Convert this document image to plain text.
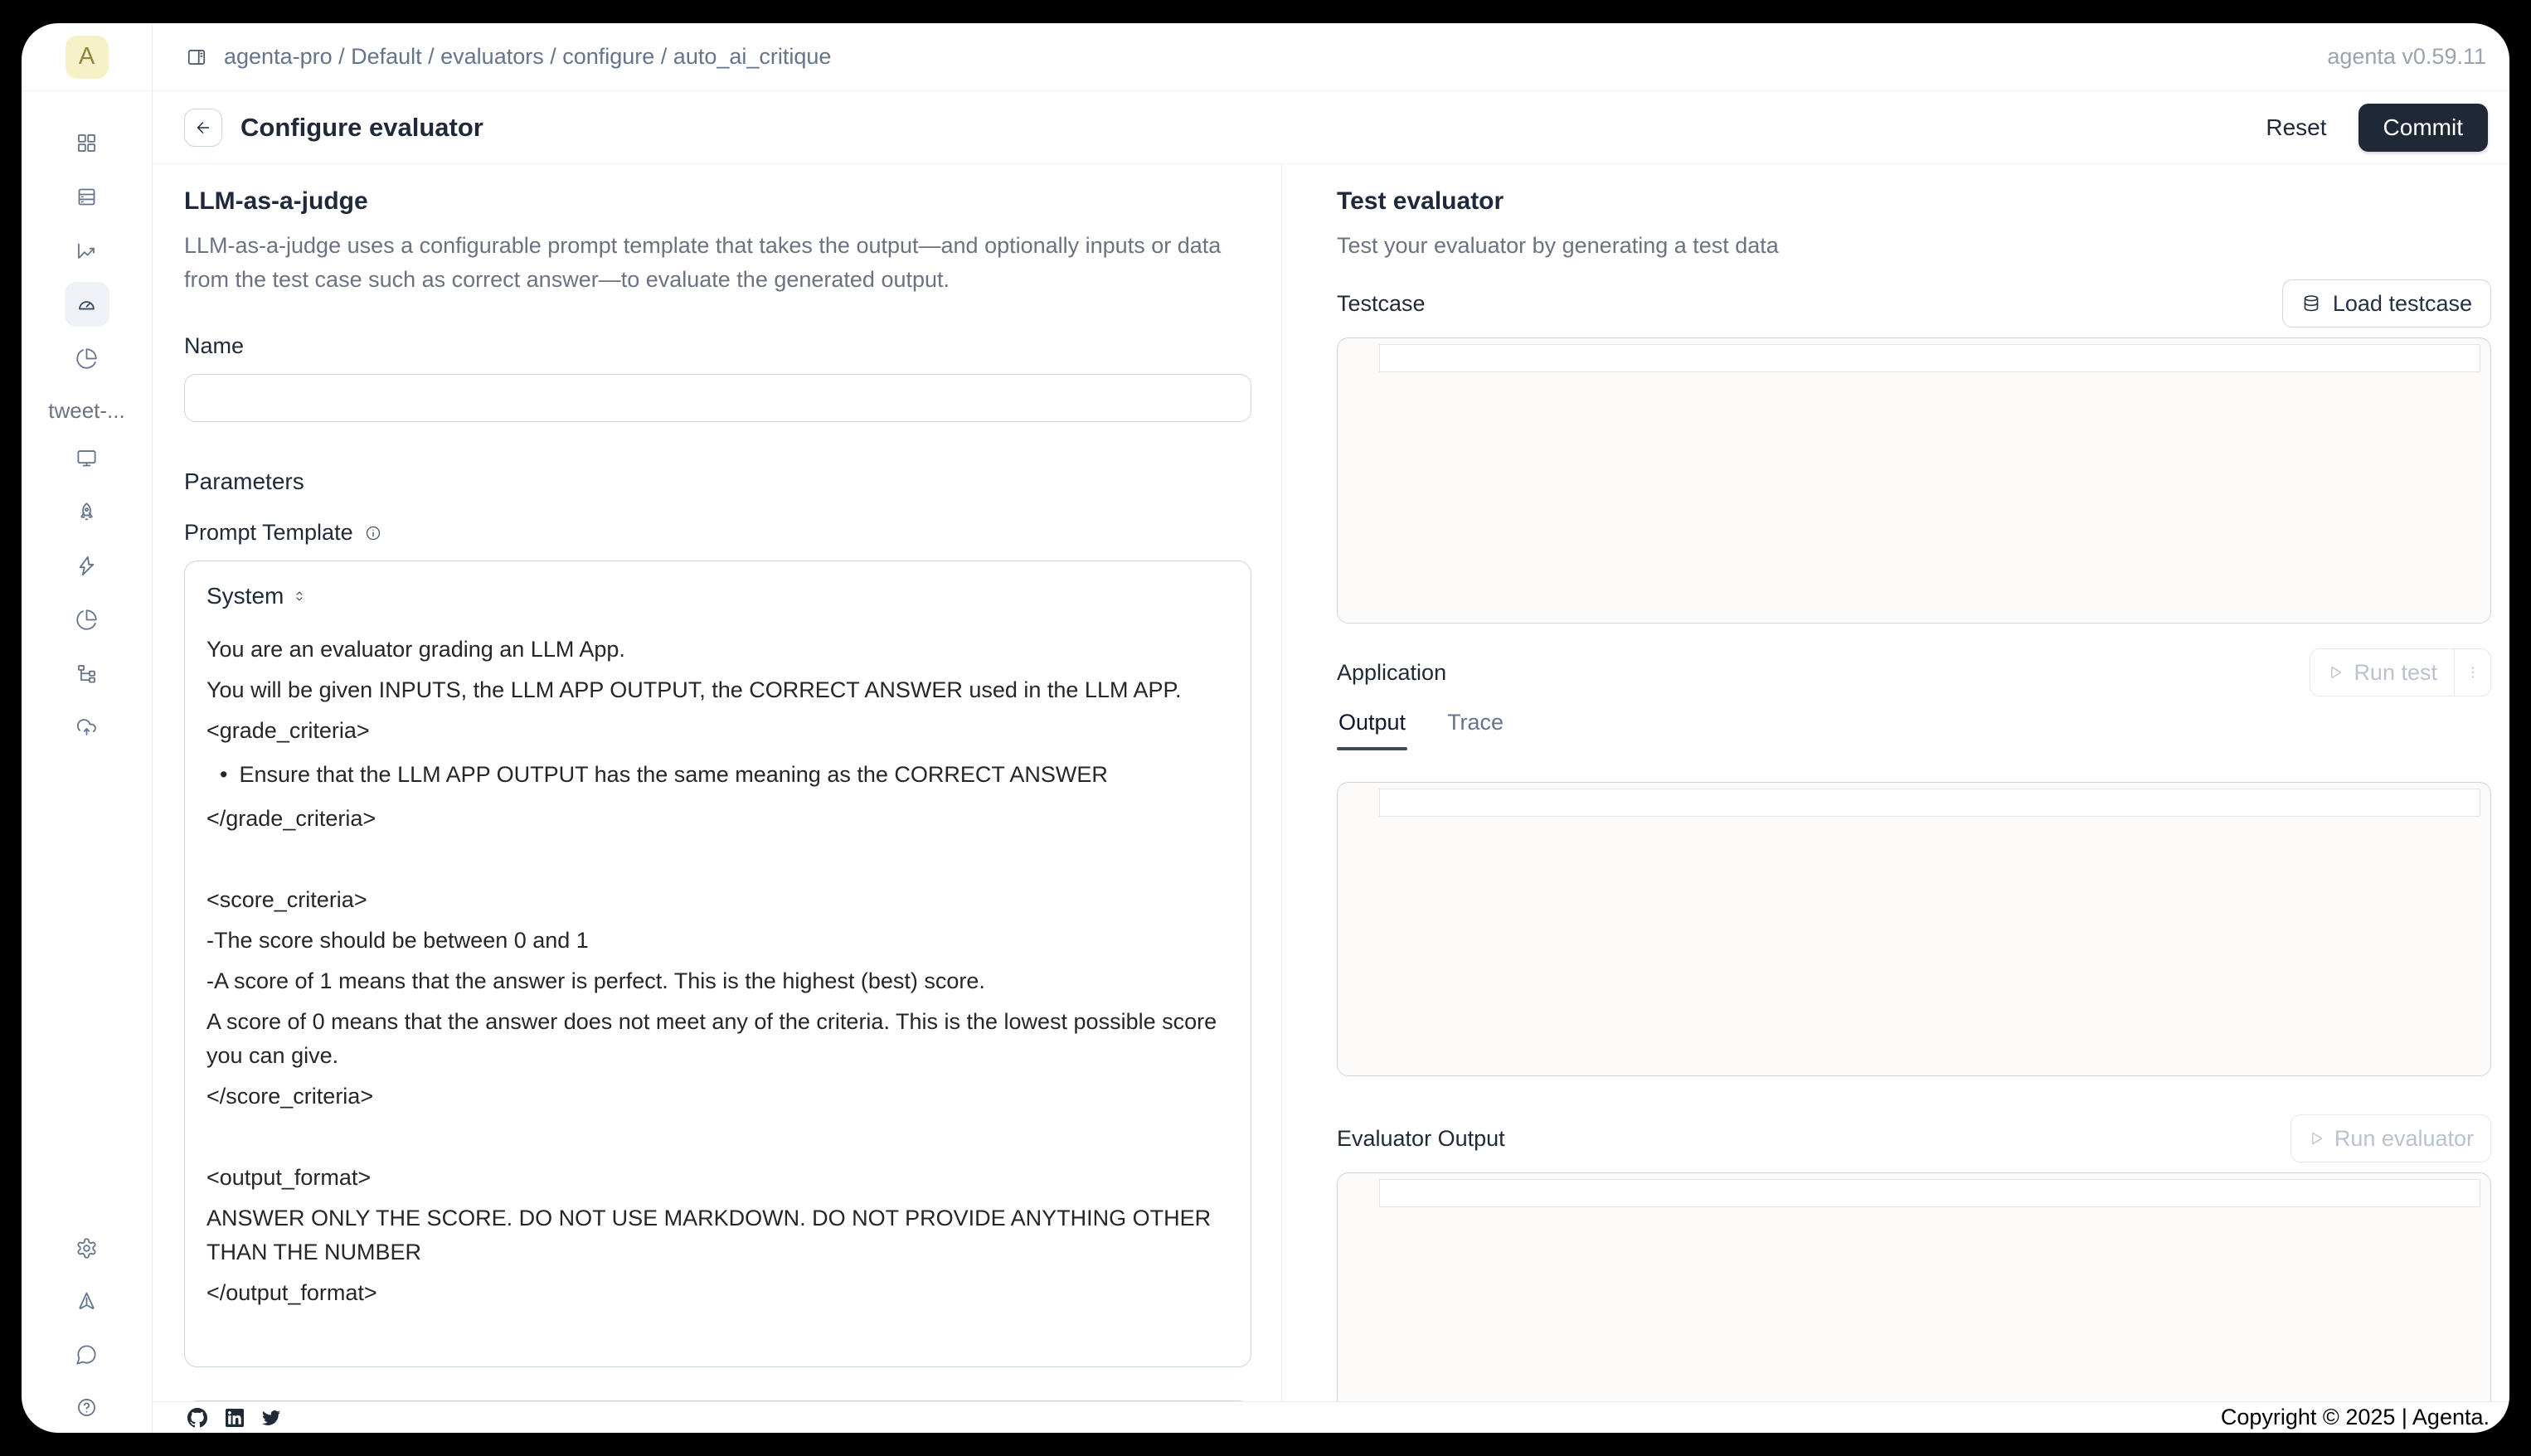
A
tweet-...
agenta-pro / Default / evaluators / configure / auto_ai_critique	agenta v0.59.11
Configure evaluator	Reset	Commit
LLM-as-a-judge

LLM-as-a-judge uses a configurable prompt template that takes the output—and optionally inputs or data from the test case such as correct answer—to evaluate the generated output.

Name
Parameters
Prompt Template
System
You are an evaluator grading an LLM App.
You will be given INPUTS, the LLM APP OUTPUT, the CORRECT ANSWER used in the LLM APP.
<grade_criteria>
• Ensure that the LLM APP OUTPUT has the same meaning as the CORRECT ANSWER
</grade_criteria>
<score_criteria>
-The score should be between 0 and 1
-A score of 1 means that the answer is perfect. This is the highest (best) score.
A score of 0 means that the answer does not meet any of the criteria. This is the lowest possible score you can give.
</score_criteria>
<output_format>
ANSWER ONLY THE SCORE. DO NOT USE MARKDOWN. DO NOT PROVIDE ANYTHING OTHER THAN THE NUMBER
</output_format>
Test evaluator

Test your evaluator by generating a test data

Testcase	Load testcase
Application	Run test
Output Trace
Evaluator Output	Run evaluator
Copyright © 2025 | Agenta.
